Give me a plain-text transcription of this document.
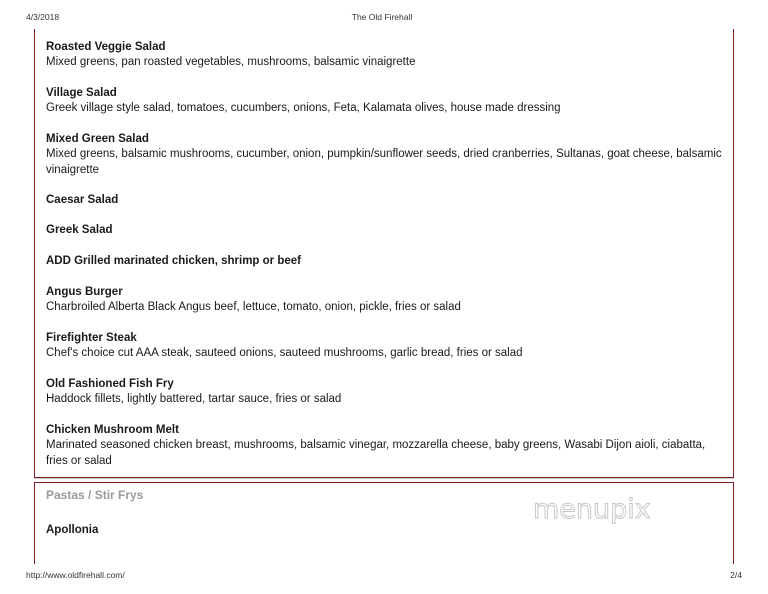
4/3/2018	The Old Firehall
Roasted Veggie Salad
Mixed greens, pan roasted vegetables, mushrooms, balsamic vinaigrette
Village Salad
Greek village style salad, tomatoes, cucumbers, onions, Feta, Kalamata olives, house made dressing
Mixed Green Salad
Mixed greens, balsamic mushrooms, cucumber, onion, pumpkin/sunflower seeds, dried cranberries, Sultanas, goat cheese, balsamic vinaigrette
Caesar Salad
Greek Salad
ADD Grilled marinated chicken, shrimp or beef
Angus Burger
Charbroiled Alberta Black Angus beef, lettuce, tomato, onion, pickle, fries or salad
Firefighter Steak
Chef's choice cut AAA steak, sauteed onions, sauteed mushrooms, garlic bread, fries or salad
Old Fashioned Fish Fry
Haddock fillets, lightly battered, tartar sauce, fries or salad
Chicken Mushroom Melt
Marinated seasoned chicken breast, mushrooms, balsamic vinegar, mozzarella cheese, baby greens, Wasabi Dijon aioli, ciabatta, fries or salad
Pastas / Stir Frys	menupix
Apollonia
http://www.oldfirehall.com/	2/4
